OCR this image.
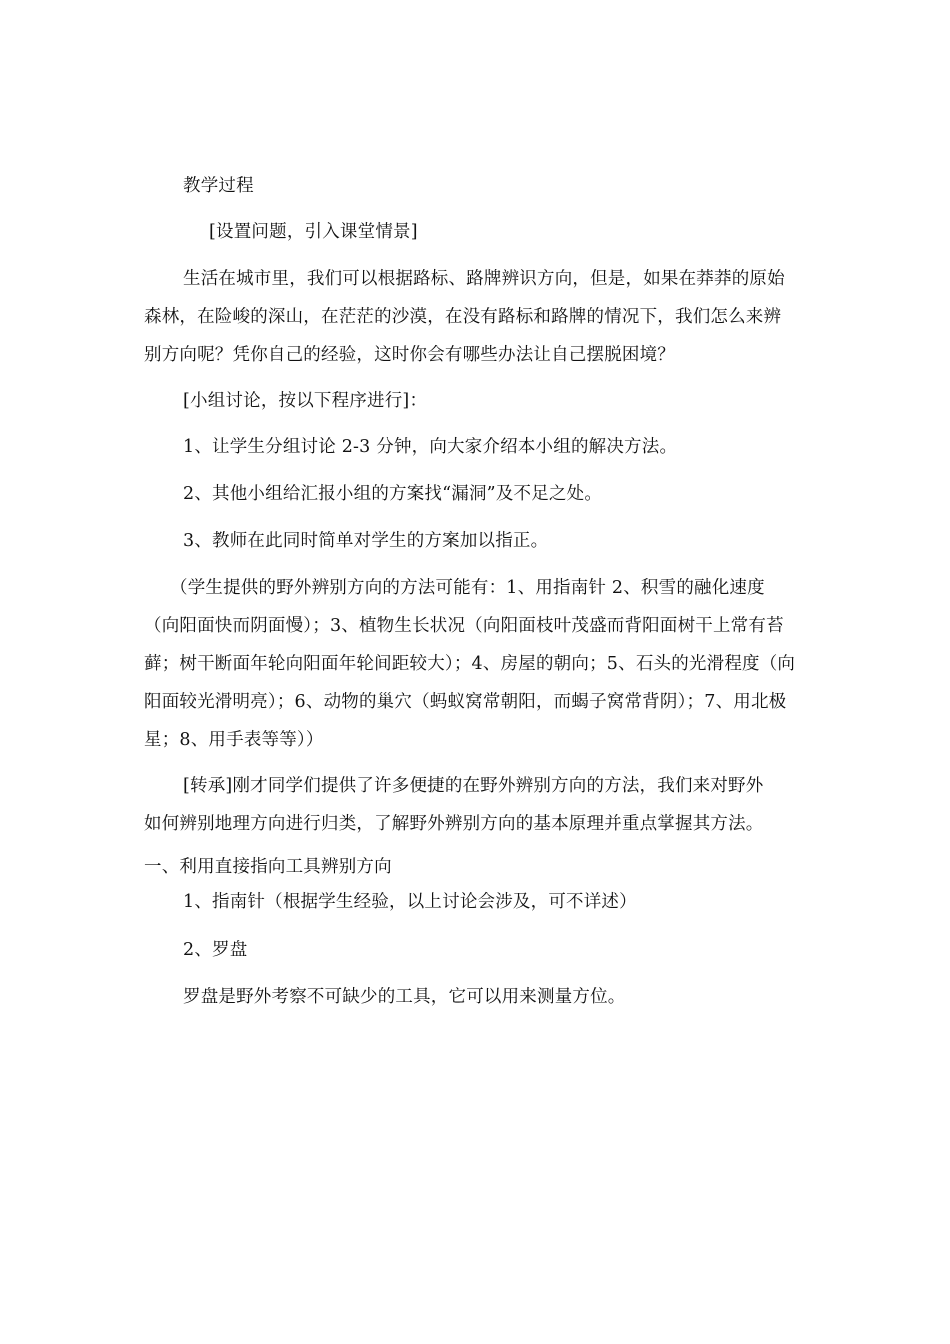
教学过程
[设置问题，引入课堂情景]
生活在城市里，我们可以根据路标、路牌辨识方向，但是，如果在莽莽的原始
森林，在险峻的深山，在茫茫的沙漠，在没有路标和路牌的情况下，我们怎么来辨
别方向呢？凭你自己的经验，这时你会有哪些办法让自己摆脱困境？
[小组讨论，按以下程序进行]：
1、让学生分组讨论 2-3 分钟，向大家介绍本小组的解决方法。
2、其他小组给汇报小组的方案找“漏洞”及不足之处。
3、教师在此同时简单对学生的方案加以指正。
（学生提供的野外辨别方向的方法可能有：1、用指南针 2、积雪的融化速度
（向阳面快而阴面慢）；3、植物生长状况（向阳面枝叶茂盛而背阳面树干上常有苔
藓；树干断面年轮向阳面年轮间距较大）；4、房屋的朝向；5、石头的光滑程度（向
阳面较光滑明亮）；6、动物的巢穴（蚂蚁窝常朝阳，而蝎子窝常背阴）；7、用北极
星；8、用手表等等））
[转承]刚才同学们提供了许多便捷的在野外辨别方向的方法，我们来对野外
如何辨别地理方向进行归类，了解野外辨别方向的基本原理并重点掌握其方法。
一、利用直接指向工具辨别方向
1、指南针（根据学生经验，以上讨论会涉及，可不详述）
2、罗盘
罗盘是野外考察不可缺少的工具，它可以用来测量方位。
